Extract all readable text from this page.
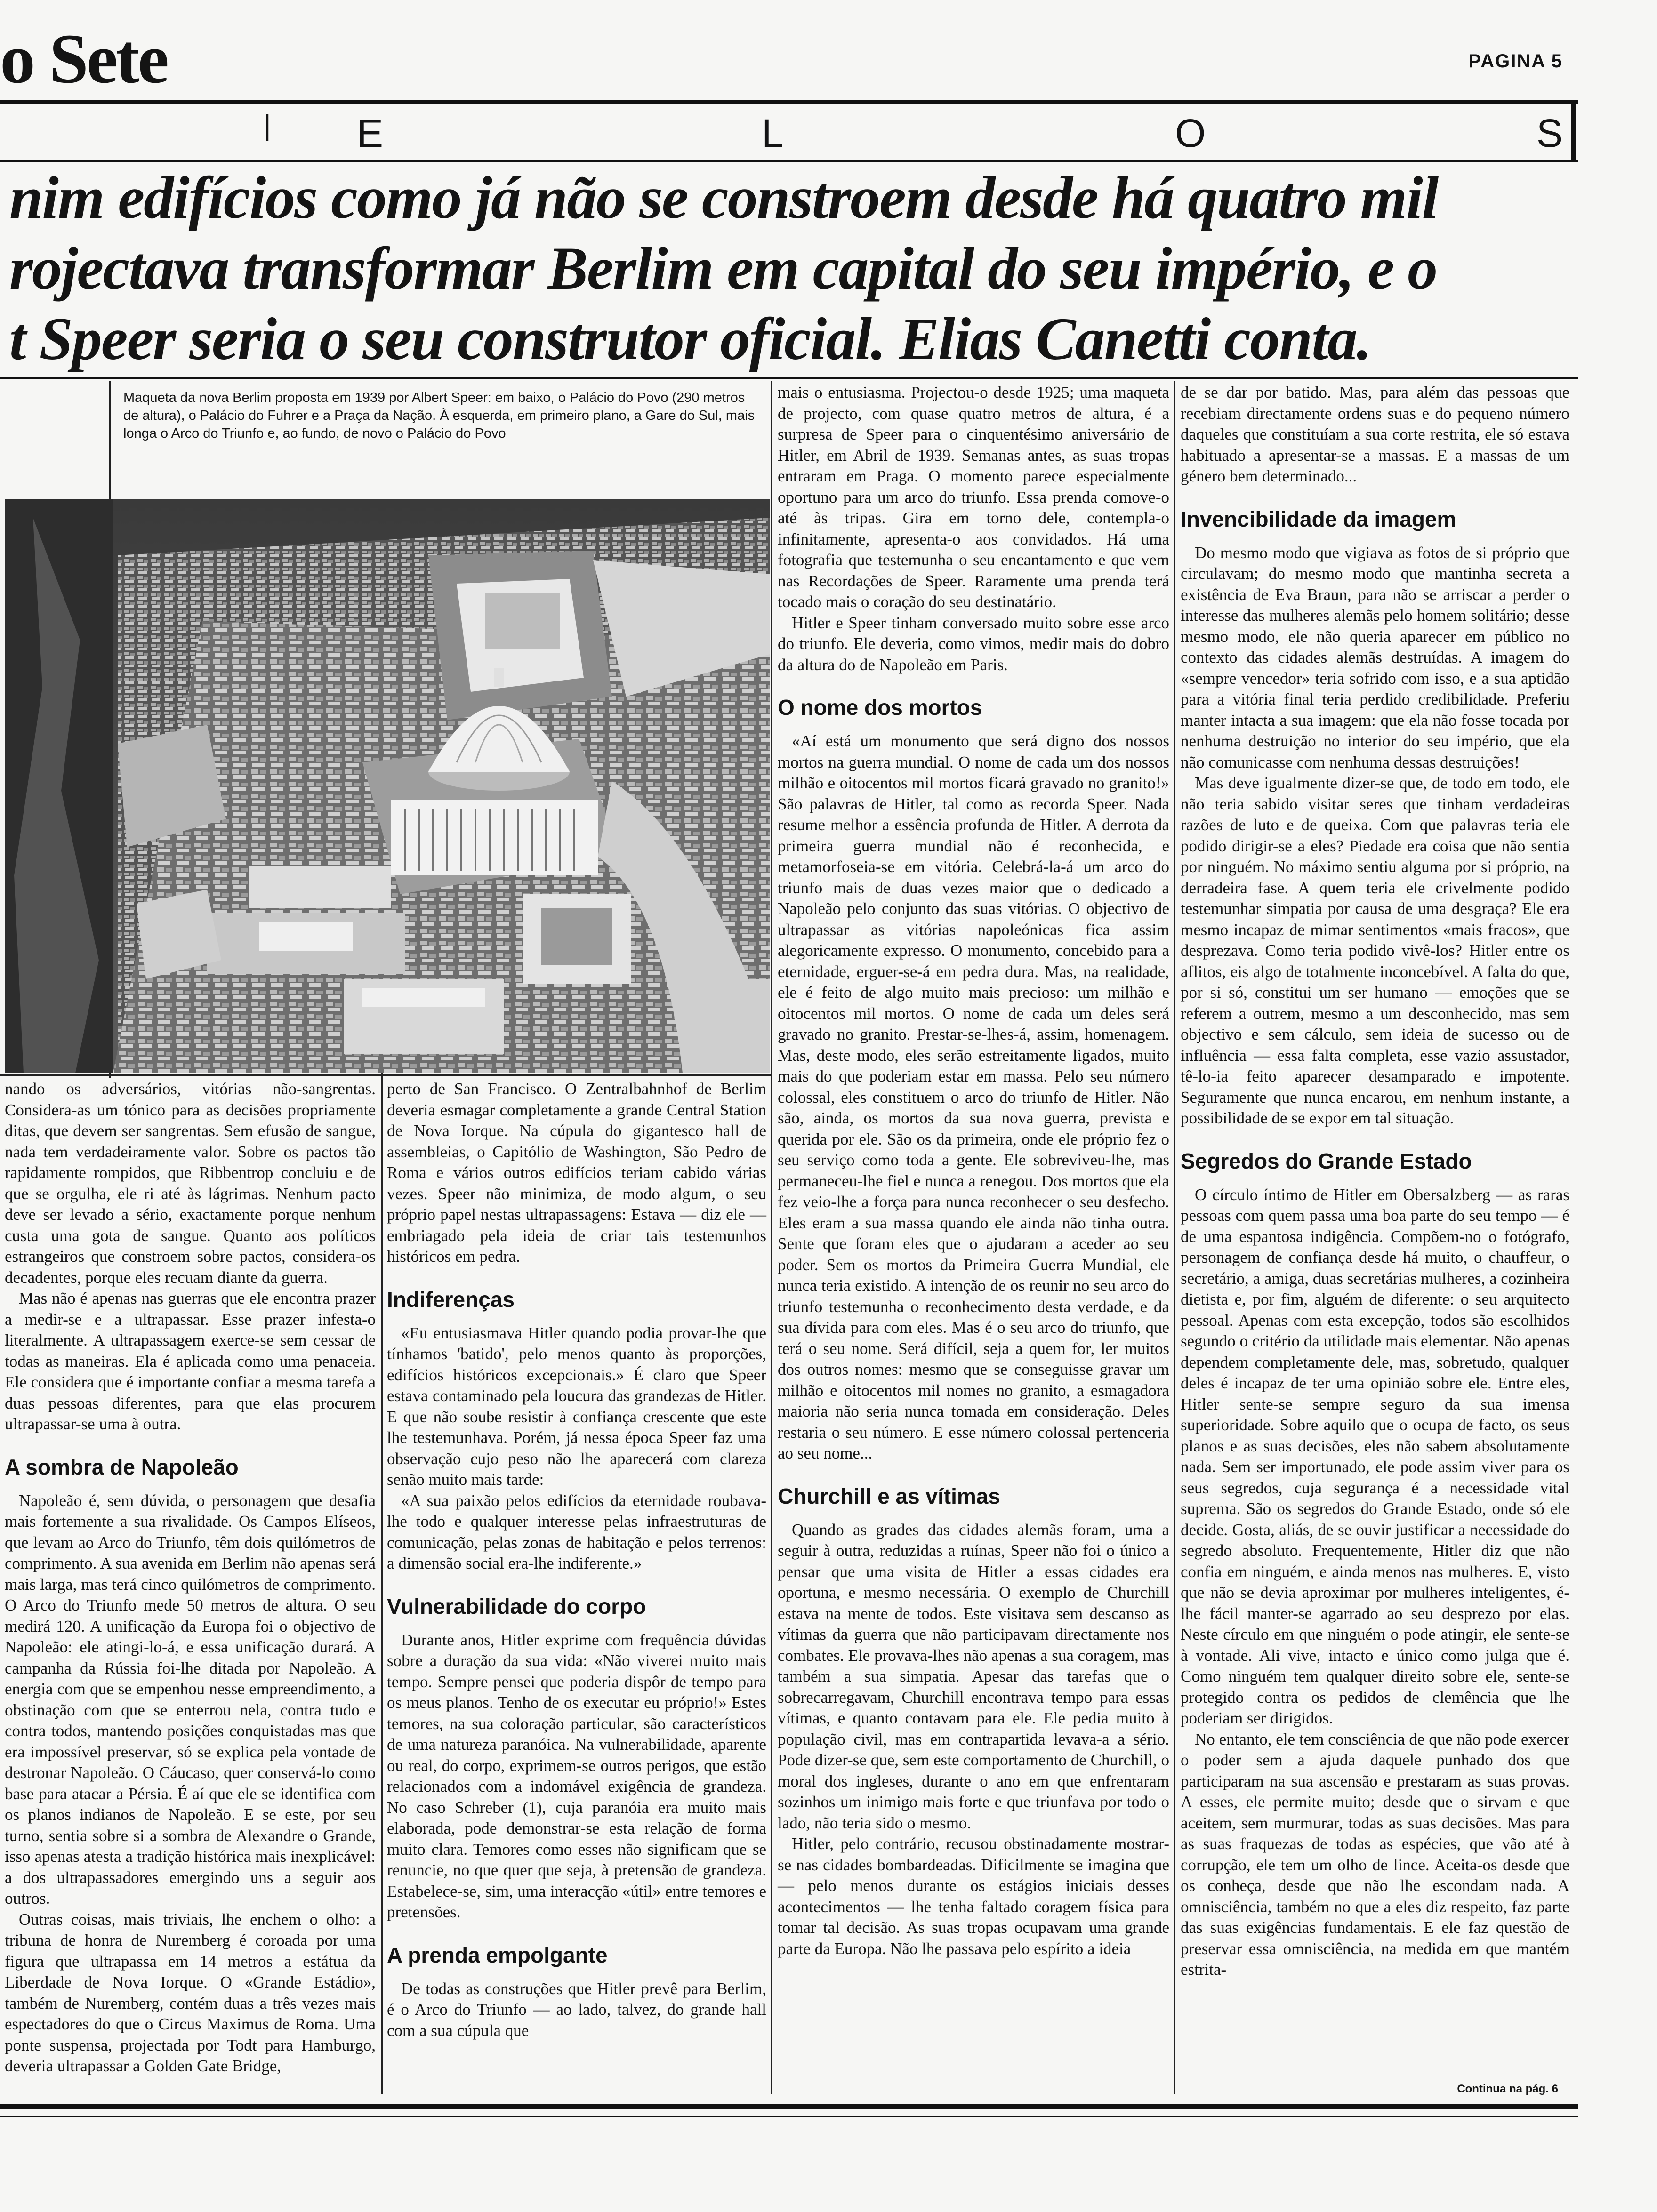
o Sete	PAGINA 5
| E	L	O	S
nim edifícios como já não se constroem desde há quatro mil
rojectava transformar Berlim em capital do seu império, e o
t Speer seria o seu construtor oficial. Elias Canetti conta.
Maqueta da nova Berlim proposta em 1939 por Albert Speer: em baixo, o Palácio do Povo (290 metros de altura), o Palácio do Fuhrer e a Praça da Nação. À esquerda, em primeiro plano, a Gare do Sul, mais longa o Arco do Triunfo e, ao fundo, de novo o Palácio do Povo

nando os adversários, vitórias não-sangrentas. Considera-as um tónico para as decisões propriamente ditas, que devem ser sangrentas. Sem efusão de sangue, nada tem verdadeiramente valor. Sobre os pactos tão rapidamente rompidos, que Ribbentrop concluiu e de que se orgulha, ele ri até às lágrimas. Nenhum pacto deve ser levado a sério, exactamente porque nenhum custa uma gota de sangue. Quanto aos políticos estrangeiros que constroem sobre pactos, considera-os decadentes, porque eles recuam diante da guerra.

Mas não é apenas nas guerras que ele encontra prazer a medir-se e a ultrapassar. Esse prazer infesta-o literalmente. A ultrapassagem exerce-se sem cessar de todas as maneiras. Ela é aplicada como uma penaceia. Ele considera que é importante confiar a mesma tarefa a duas pessoas diferentes, para que elas procurem ultrapassar-se uma à outra.

A sombra de Napoleão

Napoleão é, sem dúvida, o personagem que desafia mais fortemente a sua rivalidade. Os Campos Elíseos, que levam ao Arco do Triunfo, têm dois quilómetros de comprimento. A sua avenida em Berlim não apenas será mais larga, mas terá cinco quilómetros de comprimento. O Arco do Triunfo mede 50 metros de altura. O seu medirá 120. A unificação da Europa foi o objectivo de Napoleão: ele atingi-lo-á, e essa unificação durará. A campanha da Rússia foi-lhe ditada por Napoleão. A energia com que se empenhou nesse empreendimento, a obstinação com que se enterrou nela, contra tudo e contra todos, mantendo posições conquistadas mas que era impossível preservar, só se explica pela vontade de destronar Napoleão. O Cáucaso, quer conservá-lo como base para atacar a Pérsia. É aí que ele se identifica com os planos indianos de Napoleão. E se este, por seu turno, sentia sobre si a sombra de Alexandre o Grande, isso apenas atesta a tradição histórica mais inexplicável: a dos ultrapassadores emergindo uns a seguir aos outros.

Outras coisas, mais triviais, lhe enchem o olho: a tribuna de honra de Nuremberg é coroada por uma figura que ultrapassa em 14 metros a estátua da Liberdade de Nova Iorque. O «Grande Estádio», também de Nuremberg, contém duas a três vezes mais espectadores do que o Circus Maximus de Roma. Uma ponte suspensa, projectada por Todt para Hamburgo, deveria ultrapassar a Golden Gate Bridge,

perto de San Francisco. O Zentralbahnhof de Berlim deveria esmagar completamente a grande Central Station de Nova Iorque. Na cúpula do gigantesco hall de assembleias, o Capitólio de Washington, São Pedro de Roma e vários outros edifícios teriam cabido várias vezes. Speer não minimiza, de modo algum, o seu próprio papel nestas ultrapassagens: Estava — diz ele — embriagado pela ideia de criar tais testemunhos históricos em pedra.

Indiferenças

«Eu entusiasmava Hitler quando podia provar-lhe que tínhamos 'batido', pelo menos quanto às proporções, edifícios históricos excepcionais.» É claro que Speer estava contaminado pela loucura das grandezas de Hitler. E que não soube resistir à confiança crescente que este lhe testemunhava. Porém, já nessa época Speer faz uma observação cujo peso não lhe aparecerá com clareza senão muito mais tarde:

«A sua paixão pelos edifícios da eternidade roubava-lhe todo e qualquer interesse pelas infraestruturas de comunicação, pelas zonas de habitação e pelos terrenos: a dimensão social era-lhe indiferente.»

Vulnerabilidade do corpo

Durante anos, Hitler exprime com frequência dúvidas sobre a duração da sua vida: «Não viverei muito mais tempo. Sempre pensei que poderia dispôr de tempo para os meus planos. Tenho de os executar eu próprio!» Estes temores, na sua coloração particular, são característicos de uma natureza paranóica. Na vulnerabilidade, aparente ou real, do corpo, exprimem-se outros perigos, que estão relacionados com a indomável exigência de grandeza. No caso Schreber (1), cuja paranóia era muito mais elaborada, pode demonstrar-se esta relação de forma muito clara. Temores como esses não significam que se renuncie, no que quer que seja, à pretensão de grandeza. Estabelece-se, sim, uma interacção «útil» entre temores e pretensões.

A prenda empolgante

De todas as construções que Hitler prevê para Berlim, é o Arco do Triunfo — ao lado, talvez, do grande hall com a sua cúpula que

mais o entusiasma. Projectou-o desde 1925; uma maqueta de projecto, com quase quatro metros de altura, é a surpresa de Speer para o cinquentésimo aniversário de Hitler, em Abril de 1939. Semanas antes, as suas tropas entraram em Praga. O momento parece especialmente oportuno para um arco do triunfo. Essa prenda comove-o até às tripas. Gira em torno dele, contempla-o infinitamente, apresenta-o aos convidados. Há uma fotografia que testemunha o seu encantamento e que vem nas Recordações de Speer. Raramente uma prenda terá tocado mais o coração do seu destinatário.

Hitler e Speer tinham conversado muito sobre esse arco do triunfo. Ele deveria, como vimos, medir mais do dobro da altura do de Napoleão em Paris.

O nome dos mortos

«Aí está um monumento que será digno dos nossos mortos na guerra mundial. O nome de cada um dos nossos milhão e oitocentos mil mortos ficará gravado no granito!» São palavras de Hitler, tal como as recorda Speer. Nada resume melhor a essência profunda de Hitler. A derrota da primeira guerra mundial não é reconhecida, e metamorfoseia-se em vitória. Celebrá-la-á um arco do triunfo mais de duas vezes maior que o dedicado a Napoleão pelo conjunto das suas vitórias. O objectivo de ultrapassar as vitórias napoleónicas fica assim alegoricamente expresso. O monumento, concebido para a eternidade, erguer-se-á em pedra dura. Mas, na realidade, ele é feito de algo muito mais precioso: um milhão e oitocentos mil mortos. O nome de cada um deles será gravado no granito. Prestar-se-lhes-á, assim, homenagem. Mas, deste modo, eles serão estreitamente ligados, muito mais do que poderiam estar em massa. Pelo seu número colossal, eles constituem o arco do triunfo de Hitler. Não são, ainda, os mortos da sua nova guerra, prevista e querida por ele. São os da primeira, onde ele próprio fez o seu serviço como toda a gente. Ele sobreviveu-lhe, mas permaneceu-lhe fiel e nunca a renegou. Dos mortos que ela fez veio-lhe a força para nunca reconhecer o seu desfecho. Eles eram a sua massa quando ele ainda não tinha outra. Sente que foram eles que o ajudaram a aceder ao seu poder. Sem os mortos da Primeira Guerra Mundial, ele nunca teria existido. A intenção de os reunir no seu arco do triunfo testemunha o reconhecimento desta verdade, e da sua dívida para com eles. Mas é o seu arco do triunfo, que terá o seu nome. Será difícil, seja a quem for, ler muitos dos outros nomes: mesmo que se conseguisse gravar um milhão e oitocentos mil nomes no granito, a esmagadora maioria não seria nunca tomada em consideração. Deles restaria o seu número. E esse número colossal pertenceria ao seu nome...

Churchill e as vítimas

Quando as grades das cidades alemãs foram, uma a seguir à outra, reduzidas a ruínas, Speer não foi o único a pensar que uma visita de Hitler a essas cidades era oportuna, e mesmo necessária. O exemplo de Churchill estava na mente de todos. Este visitava sem descanso as vítimas da guerra que não participavam directamente nos combates. Ele provava-lhes não apenas a sua coragem, mas também a sua simpatia. Apesar das tarefas que o sobrecarregavam, Churchill encontrava tempo para essas vítimas, e quanto contavam para ele. Ele pedia muito à população civil, mas em contrapartida levava-a a sério. Pode dizer-se que, sem este comportamento de Churchill, o moral dos ingleses, durante o ano em que enfrentaram sozinhos um inimigo mais forte e que triunfava por todo o lado, não teria sido o mesmo.

Hitler, pelo contrário, recusou obstinadamente mostrar-se nas cidades bombardeadas. Dificilmente se imagina que — pelo menos durante os estágios iniciais desses acontecimentos — lhe tenha faltado coragem física para tomar tal decisão. As suas tropas ocupavam uma grande parte da Europa. Não lhe passava pelo espírito a ideia

de se dar por batido. Mas, para além das pessoas que recebiam directamente ordens suas e do pequeno número daqueles que constituíam a sua corte restrita, ele só estava habituado a apresentar-se a massas. E a massas de um género bem determinado...

Invencibilidade da imagem

Do mesmo modo que vigiava as fotos de si próprio que circulavam; do mesmo modo que mantinha secreta a existência de Eva Braun, para não se arriscar a perder o interesse das mulheres alemãs pelo homem solitário; desse mesmo modo, ele não queria aparecer em público no contexto das cidades alemãs destruídas. A imagem do «sempre vencedor» teria sofrido com isso, e a sua aptidão para a vitória final teria perdido credibilidade. Preferiu manter intacta a sua imagem: que ela não fosse tocada por nenhuma destruição no interior do seu império, que ela não comunicasse com nenhuma dessas destruições!

Mas deve igualmente dizer-se que, de todo em todo, ele não teria sabido visitar seres que tinham verdadeiras razões de luto e de queixa. Com que palavras teria ele podido dirigir-se a eles? Piedade era coisa que não sentia por ninguém. No máximo sentiu alguma por si próprio, na derradeira fase. A quem teria ele crivelmente podido testemunhar simpatia por causa de uma desgraça? Ele era mesmo incapaz de mimar sentimentos «mais fracos», que desprezava. Como teria podido vivê-los? Hitler entre os aflitos, eis algo de totalmente inconcebível. A falta do que, por si só, constitui um ser humano — emoções que se referem a outrem, mesmo a um desconhecido, mas sem objectivo e sem cálculo, sem ideia de sucesso ou de influência — essa falta completa, esse vazio assustador, tê-lo-ia feito aparecer desamparado e impotente. Seguramente que nunca encarou, em nenhum instante, a possibilidade de se expor em tal situação.

Segredos do Grande Estado

O círculo íntimo de Hitler em Obersalzberg — as raras pessoas com quem passa uma boa parte do seu tempo — é de uma espantosa indigência. Compõem-no o fotógrafo, personagem de confiança desde há muito, o chauffeur, o secretário, a amiga, duas secretárias mulheres, a cozinheira dietista e, por fim, alguém de diferente: o seu arquitecto pessoal. Apenas com esta excepção, todos são escolhidos segundo o critério da utilidade mais elementar. Não apenas dependem completamente dele, mas, sobretudo, qualquer deles é incapaz de ter uma opinião sobre ele. Entre eles, Hitler sente-se sempre seguro da sua imensa superioridade. Sobre aquilo que o ocupa de facto, os seus planos e as suas decisões, eles não sabem absolutamente nada. Sem ser importunado, ele pode assim viver para os seus segredos, cuja segurança é a necessidade vital suprema. São os segredos do Grande Estado, onde só ele decide. Gosta, aliás, de se ouvir justificar a necessidade do segredo absoluto. Frequentemente, Hitler diz que não confia em ninguém, e ainda menos nas mulheres. E, visto que não se devia aproximar por mulheres inteligentes, é-lhe fácil manter-se agarrado ao seu desprezo por elas. Neste círculo em que ninguém o pode atingir, ele sente-se à vontade. Ali vive, intacto e único como julga que é. Como ninguém tem qualquer direito sobre ele, sente-se protegido contra os pedidos de clemência que lhe poderiam ser dirigidos.

No entanto, ele tem consciência de que não pode exercer o poder sem a ajuda daquele punhado dos que participaram na sua ascensão e prestaram as suas provas. A esses, ele permite muito; desde que o sirvam e que aceitem, sem murmurar, todas as suas decisões. Mas para as suas fraquezas de todas as espécies, que vão até à corrupção, ele tem um olho de lince. Aceita-os desde que os conheça, desde que não lhe escondam nada. A omnisciência, também no que a eles diz respeito, faz parte das suas exigências fundamentais. E ele faz questão de preservar essa omnisciência, na medida em que mantém estrita-

Continua na pág. 6
